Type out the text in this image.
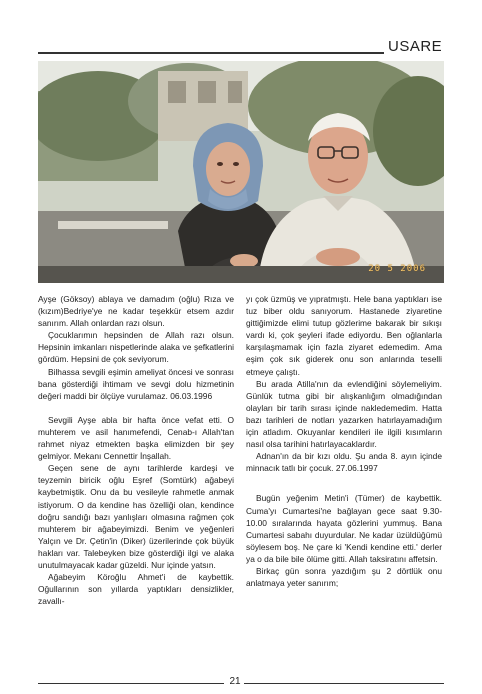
USARE
20 5 2006

Ayşe (Göksoy) ablaya ve damadım (oğlu) Rıza ve (kızım)Bedriye'ye ne kadar teşekkür etsem azdır sanırım. Allah onlardan razı olsun.

Çocuklarımın hepsinden de Allah razı olsun. Hepsinin imkanları nispetlerinde alaka ve şefkatlerini gördüm. Hepsini de çok seviyorum.

Bilhassa sevgili eşimin ameliyat öncesi ve sonrası bana gösterdiği ihtimam ve sevgi dolu hizmetinin değeri maddi bir ölçüye vurulamaz. 06.03.1996

Sevgili Ayşe abla bir hafta önce vefat etti. O muhterem ve asil hanımefendi, Cenab-ı Allah'tan rahmet niyaz etmekten başka elimizden bir şey gelmiyor. Mekanı Cennettir İnşallah.

Geçen sene de aynı tarihlerde kardeşi ve teyzemin biricik oğlu Eşref (Somtürk) ağabeyi kaybetmiştik. Onu da bu vesileyle rahmetle anmak istiyorum. O da kendine has özelliği olan, kendince doğru sandığı bazı yanlışları olmasına rağmen çok muhterem bir ağabeyimizdi. Benim ve yeğenleri Yalçın ve Dr. Çetin'in (Diker) üzerilerinde çok büyük hakları var. Talebeyken bize gösterdiği ilgi ve alaka unutulmayacak kadar güzeldi. Nur içinde yatsın.

Ağabeyim Köroğlu Ahmet'i de kaybettik. Oğullarının son yıllarda yaptıkları densizlikler, zavallı-

yı çok üzmüş ve yıpratmıştı. Hele bana yaptıkları ise tuz biber oldu sanıyorum. Hastanede ziyaretine gittiğimizde elimi tutup gözlerime bakarak bir sıkışı vardı ki, çok şeyleri ifade ediyordu. Ben oğlanlarla karşılaşmamak için fazla ziyaret edemedim. Ama eşim çok sık giderek onu son anlarında teselli etmeye çalıştı.

Bu arada Atilla'nın da evlendiğini söylemeliyim. Günlük tutma gibi bir alışkanlığım olmadığından olayları bir tarih sırası içinde nakledemedim. Hatta bazı tarihleri de notları yazarken hatırlayamadığım için atladım. Okuyanlar kendileri ile ilgili kısımların nasıl olsa tarihini hatırlayacaklardır.

Adnan'ın da bir kızı oldu. Şu anda 8. ayın içinde minnacık tatlı bir çocuk. 27.06.1997

Bugün yeğenim Metin'i (Tümer) de kaybettik. Cuma'yı Cumartesi'ne bağlayan gece saat 9.30-10.00 sıralarında hayata gözlerini yummuş. Bana Cumartesi sabahı duyurdular. Ne kadar üzüldüğümü söylesem boş. Ne çare ki 'Kendi kendine etti.' derler ya o da bile bile ölüme gitti. Allah taksiratını affetsin.

Birkaç gün sonra yazdığım şu 2 dörtlük onu anlatmaya yeter sanırım;

21
